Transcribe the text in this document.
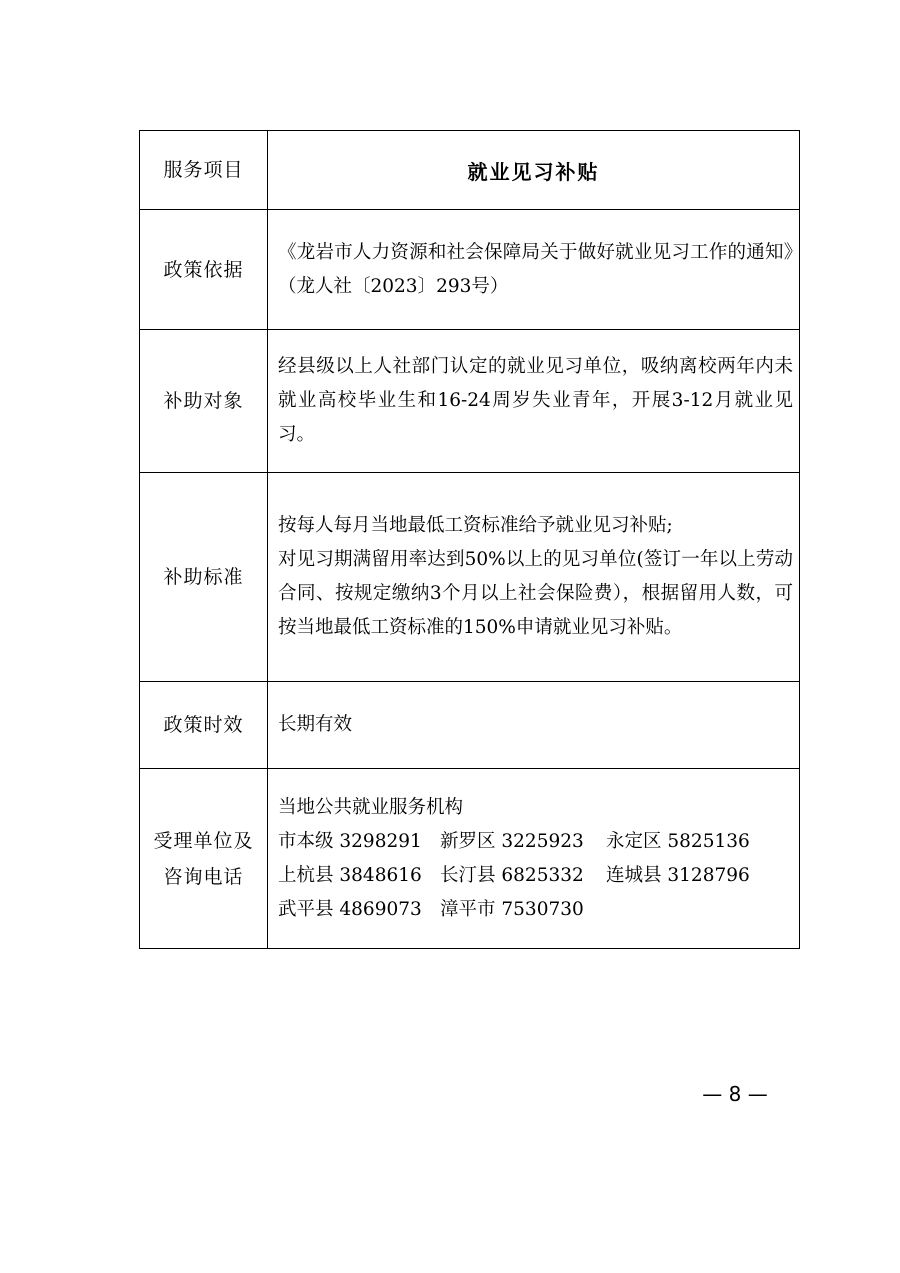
服务项目	就业见习补贴
政策依据	《龙岩市人力资源和社会保障局关于做好就业见习工作的通知》（龙人社〔2023〕293号）

补助对象	经县级以上人社部门认定的就业见习单位，吸纳离校两年内未就业高校毕业生和16-24周岁失业青年，开展3-12月就业见习。

补助标准	按每人每月当地最低工资标准给予就业见习补贴;
对见习期满留用率达到50%以上的见习单位(签订一年以上劳动合同、按规定缴纳3个月以上社会保险费），根据留用人数，可按当地最低工资标准的150%申请就业见习补贴。

政策时效	长期有效

受理单位及
咨询电话	当地公共就业服务机构
市本级 3298291 新罗区 3225923 永定区 5825136
上杭县 3848616 长汀县 6825332 连城县 3128796
武平县 4869073 漳平市 7530730
— 8 —
